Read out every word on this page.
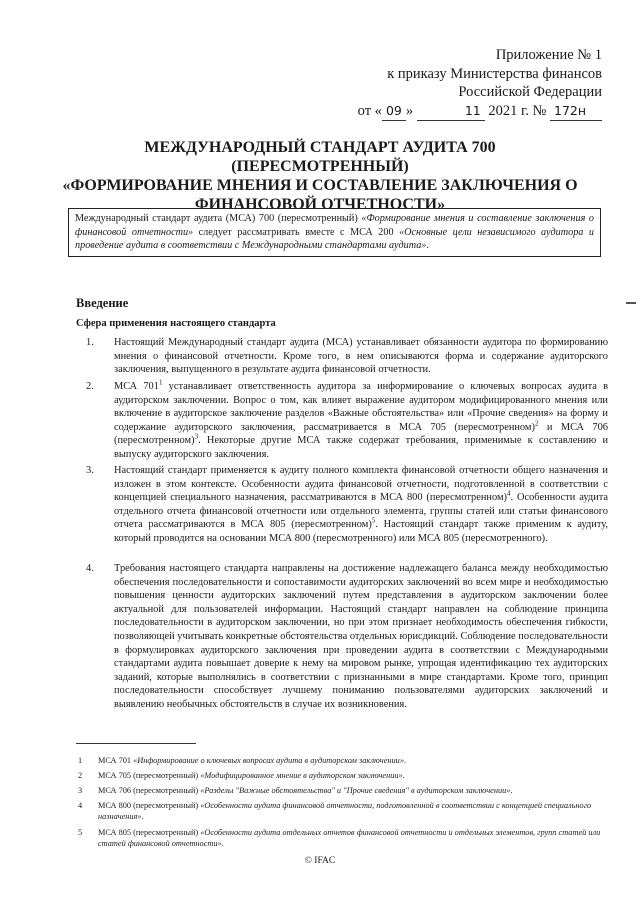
Приложение № 1
к приказу Министерства финансов
Российской Федерации
от « 09 »	11 2021 г. № 172н
МЕЖДУНАРОДНЫЙ СТАНДАРТ АУДИТА 700 (ПЕРЕСМОТРЕННЫЙ)
«ФОРМИРОВАНИЕ МНЕНИЯ И СОСТАВЛЕНИЕ ЗАКЛЮЧЕНИЯ О ФИНАНСОВОЙ ОТЧЕТНОСТИ»
Международный стандарт аудита (МСА) 700 (пересмотренный) «Формирование мнения и составление заключения о финансовой отчетности» следует рассматривать вместе с МСА 200 «Основные цели независимого аудитора и проведение аудита в соответствии с Международными стандартами аудита».
Введение
Сфера применения настоящего стандарта
1. Настоящий Международный стандарт аудита (МСА) устанавливает обязанности аудитора по формированию мнения о финансовой отчетности. Кроме того, в нем описываются форма и содержание аудиторского заключения, выпущенного в результате аудита финансовой отчетности.
2. МСА $701^1$ устанавливает ответственность аудитора за информирование о ключевых вопросах аудита в аудиторском заключении. Вопрос о том, как влияет выражение аудитором модифицированного мнения или включение в аудиторское заключение разделов «Важные обстоятельства» или «Прочие сведения» на форму и содержание аудиторского заключения, рассматривается в МСА 705 (пересмотренном)$^2$ и МСА 706 (пересмотренном)$^3$. Некоторые другие МСА также содержат требования, применимые к составлению и выпуску аудиторского заключения.
3. Настоящий стандарт применяется к аудиту полного комплекта финансовой отчетности общего назначения и изложен в этом контексте. Особенности аудита финансовой отчетности, подготовленной в соответствии с концепцией специального назначения, рассматриваются в МСА 800 (пересмотренном)$^4$. Особенности аудита отдельного отчета финансовой отчетности или отдельного элемента, группы статей или статьи финансового отчета рассматриваются в МСА 805 (пересмотренном)$^5$. Настоящий стандарт также применим к аудиту, который проводится на основании МСА 800 (пересмотренного) или МСА 805 (пересмотренного).
4. Требования настоящего стандарта направлены на достижение надлежащего баланса между необходимостью обеспечения последовательности и сопоставимости аудиторских заключений во всем мире и необходимостью повышения ценности аудиторских заключений путем представления в аудиторском заключении более актуальной для пользователей информации. Настоящий стандарт направлен на соблюдение принципа последовательности в аудиторском заключении, но при этом признает необходимость обеспечения гибкости, позволяющей учитывать конкретные обстоятельства отдельных юрисдикций. Соблюдение последовательности в формулировках аудиторского заключения при проведении аудита в соответствии с Международными стандартами аудита повышает доверие к нему на мировом рынке, упрощая идентификацию тех аудиторских заданий, которые выполнялись в соответствии с признанными в мире стандартами. Кроме того, принцип последовательности способствует лучшему пониманию пользователями аудиторских заключений и выявлению необычных обстоятельств в случае их возникновения.
1 МСА 701 «Информирование о ключевых вопросах аудита в аудиторском заключении».
2 МСА 705 (пересмотренный) «Модифицированное мнение в аудиторском заключении».
3 МСА 706 (пересмотренный) «Разделы "Важные обстоятельства" и "Прочие сведения" в аудиторском заключении».
4 МСА 800 (пересмотренный) «Особенности аудита финансовой отчетности, подготовленной в соответствии с концепцией специального назначения».
5 МСА 805 (пересмотренный) «Особенности аудита отдельных отчетов финансовой отчетности и отдельных элементов, групп статей или статей финансовой отчетности».
© IFAC
